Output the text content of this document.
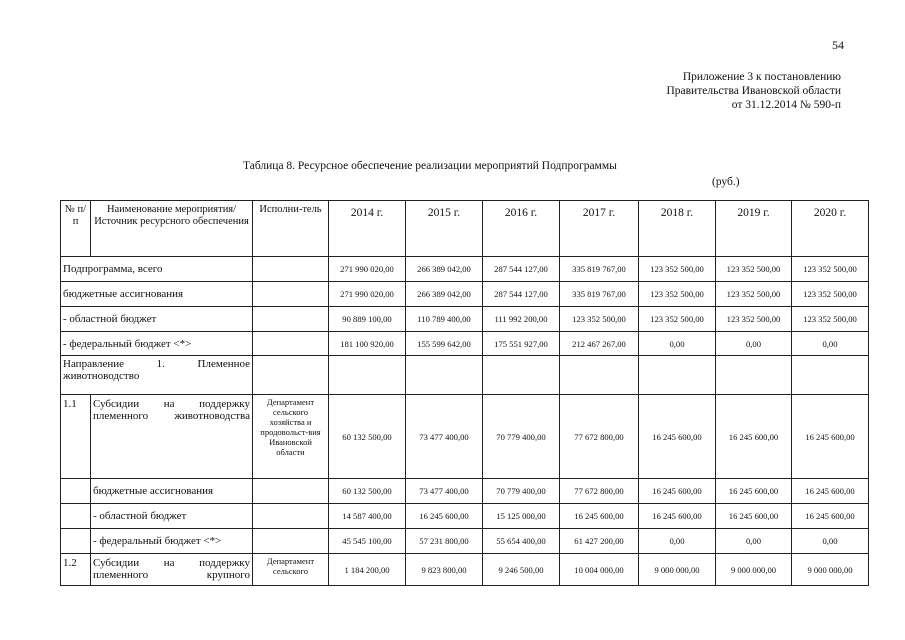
54
Приложение 3 к постановлению
Правительства Ивановской области
от 31.12.2014 № 590-п
Таблица 8. Ресурсное обеспечение реализации мероприятий Подпрограммы
(руб.)
№ п/п	Наименование мероприятия/Источник ресурсного обеспечения	Исполни-тель	2014 г.	2015 г.	2016 г.	2017 г.	2018 г.	2019 г.	2020 г.
Подпрограмма, всего			271 990 020,00	266 389 042,00	287 544 127,00	335 819 767,00	123 352 500,00	123 352 500,00	123 352 500,00
бюджетные ассигнования			271 990 020,00	266 389 042,00	287 544 127,00	335 819 767,00	123 352 500,00	123 352 500,00	123 352 500,00
- областной бюджет			90 889 100,00	110 789 400,00	111 992 200,00	123 352 500,00	123 352 500,00	123 352 500,00	123 352 500,00
- федеральный бюджет <*>			181 100 920,00	155 599 642,00	175 551 927,00	212 467 267,00	0,00	0,00	0,00
Направление 1. Племенное животноводство									
1.1	Субсидии на поддержку племенного животноводства	Департамент сельского хозяйства и продовольст-вия Ивановской области	60 132 500,00	73 477 400,00	70 779 400,00	77 672 800,00	16 245 600,00	16 245 600,00	16 245 600,00
	бюджетные ассигнования		60 132 500,00	73 477 400,00	70 779 400,00	77 672 800,00	16 245 600,00	16 245 600,00	16 245 600,00
	- областной бюджет		14 587 400,00	16 245 600,00	15 125 000,00	16 245 600,00	16 245 600,00	16 245 600,00	16 245 600,00
	- федеральный бюджет <*>		45 545 100,00	57 231 800,00	55 654 400,00	61 427 200,00	0,00	0,00	0,00
1.2	Субсидии на поддержку племенного крупного	Департамент сельского	1 184 200,00	9 823 800,00	9 246 500,00	10 004 000,00	9 000 000,00	9 000 000,00	9 000 000,00
